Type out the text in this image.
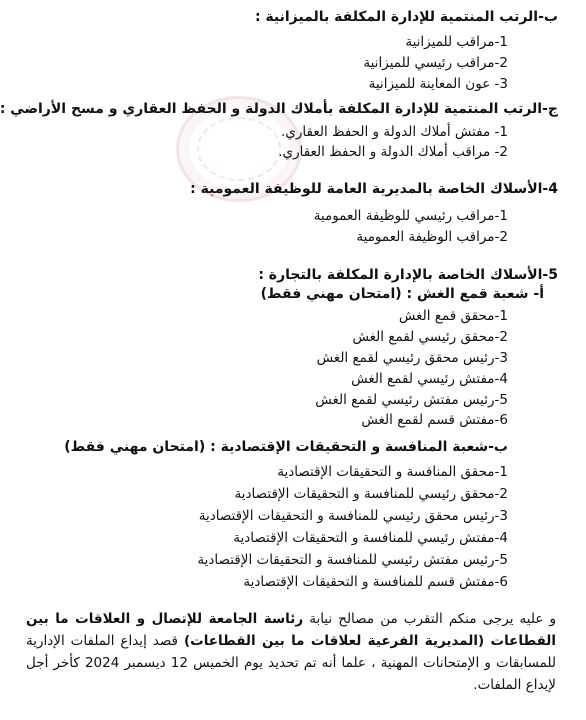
ب-الرتب المنتمية للإدارة المكلفة بالميزانية :
1-مراقب للميزانية
2-مراقب رئيسي للميزانية
3- عون المعاينة للميزانية
ج-الرتب المنتمية للإدارة المكلفة بأملاك الدولة و الحفظ العقاري و مسح الأراضي :
1- مفتش أملاك الدولة و الحفظ العقاري.
2- مراقب أملاك الدولة و الحفظ العقاري.
4-الأسلاك الخاصة بالمديرية العامة للوظيفة العمومية :
1-مراقب رئيسي للوظيفة العمومية
2-مراقب الوظيفة العمومية
5-الأسلاك الخاصة بالإدارة المكلفة بالتجارة :
أ- شعبة قمع الغش : (امتحان مهني فقط)
1-محقق قمع الغش
2-محقق رئيسي لقمع الغش
3-رئيس محقق رئيسي لقمع الغش
4-مفتش رئيسي لقمع الغش
5-رئيس مفتش رئيسي لقمع الغش
6-مفتش قسم لقمع الغش
ب-شعبة المنافسة و التحقيقات الإقتصادية : (امتحان مهني فقط)
1-محقق المنافسة و التحقيقات الإقتصادية
2-محقق رئيسي للمنافسة و التحقيقات الإقتصادية
3-رئيس محقق رئيسي للمنافسة و التحقيقات الإقتصادية
4-مفتش رئيسي للمنافسة و التحقيقات الإقتصادية
5-رئيس مفتش رئيسي للمنافسة و التحقيقات الإقتصادية
6-مفتش قسم للمنافسة و التحقيقات الإقتصادية
و عليه يرجى منكم التقرب من مصالح نيابة رئاسة الجامعة للإتصال و العلاقات ما بين القطاعات (المديرية الفرعية لعلاقات ما بين القطاعات) قصد إيداع الملفات الإدارية للمسابقات و الإمتحانات المهنية ، علما أنه تم تحديد يوم الخميس 12 ديسمبر 2024 كأخر أجل لإيداع الملفات.
